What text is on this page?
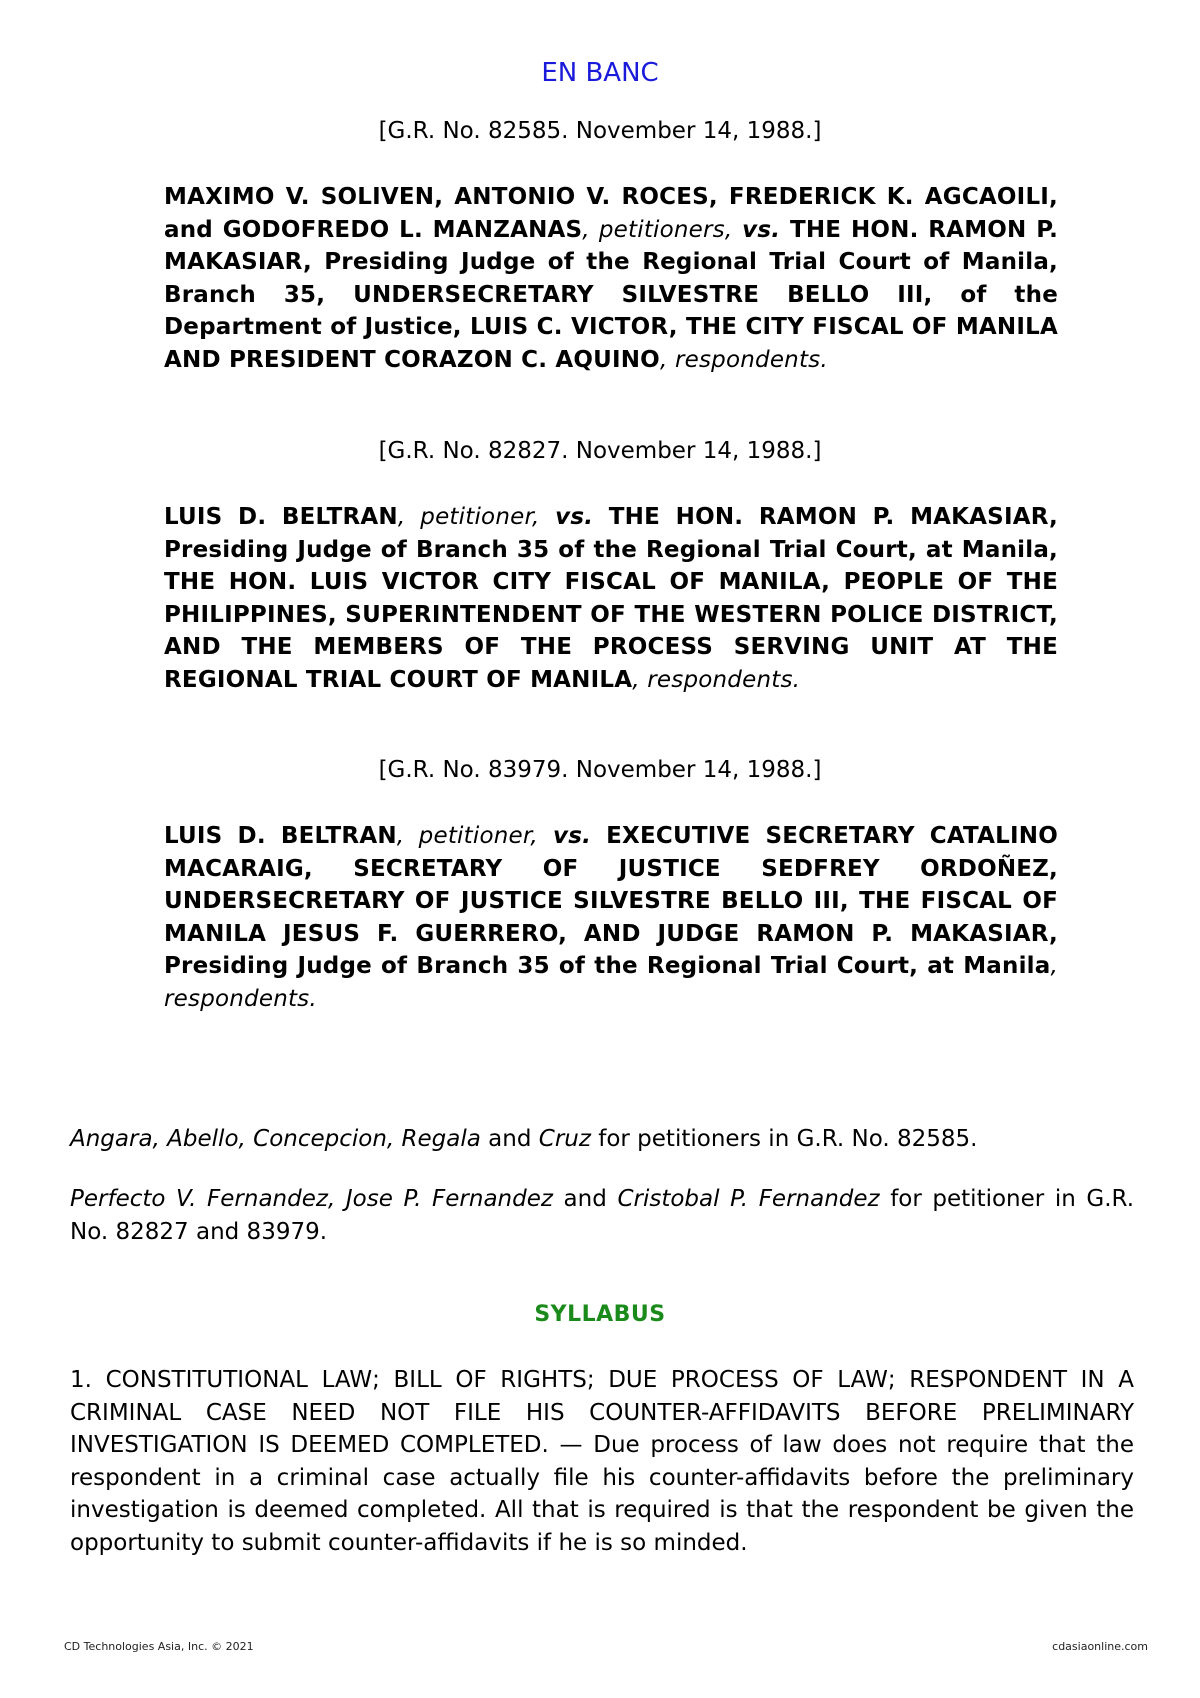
EN BANC
[G.R. No. 82585. November 14, 1988.]
MAXIMO V. SOLIVEN, ANTONIO V. ROCES, FREDERICK K. AGCAOILI, and GODOFREDO L. MANZANAS, petitioners, vs. THE HON. RAMON P. MAKASIAR, Presiding Judge of the Regional Trial Court of Manila, Branch 35, UNDERSECRETARY SILVESTRE BELLO III, of the Department of Justice, LUIS C. VICTOR, THE CITY FISCAL OF MANILA AND PRESIDENT CORAZON C. AQUINO, respondents.
[G.R. No. 82827. November 14, 1988.]
LUIS D. BELTRAN, petitioner, vs. THE HON. RAMON P. MAKASIAR, Presiding Judge of Branch 35 of the Regional Trial Court, at Manila, THE HON. LUIS VICTOR CITY FISCAL OF MANILA, PEOPLE OF THE PHILIPPINES, SUPERINTENDENT OF THE WESTERN POLICE DISTRICT, AND THE MEMBERS OF THE PROCESS SERVING UNIT AT THE REGIONAL TRIAL COURT OF MANILA, respondents.
[G.R. No. 83979. November 14, 1988.]
LUIS D. BELTRAN, petitioner, vs. EXECUTIVE SECRETARY CATALINO MACARAIG, SECRETARY OF JUSTICE SEDFREY ORDOÑEZ, UNDERSECRETARY OF JUSTICE SILVESTRE BELLO III, THE FISCAL OF MANILA JESUS F. GUERRERO, AND JUDGE RAMON P. MAKASIAR, Presiding Judge of Branch 35 of the Regional Trial Court, at Manila, respondents.
Angara, Abello, Concepcion, Regala and Cruz for petitioners in G.R. No. 82585.
Perfecto V. Fernandez, Jose P. Fernandez and Cristobal P. Fernandez for petitioner in G.R. No. 82827 and 83979.
SYLLABUS
1. CONSTITUTIONAL LAW; BILL OF RIGHTS; DUE PROCESS OF LAW; RESPONDENT IN A CRIMINAL CASE NEED NOT FILE HIS COUNTER-AFFIDAVITS BEFORE PRELIMINARY INVESTIGATION IS DEEMED COMPLETED. — Due process of law does not require that the respondent in a criminal case actually file his counter-affidavits before the preliminary investigation is deemed completed. All that is required is that the respondent be given the opportunity to submit counter-affidavits if he is so minded.
CD Technologies Asia, Inc. © 2021	cdasiaonline.com
